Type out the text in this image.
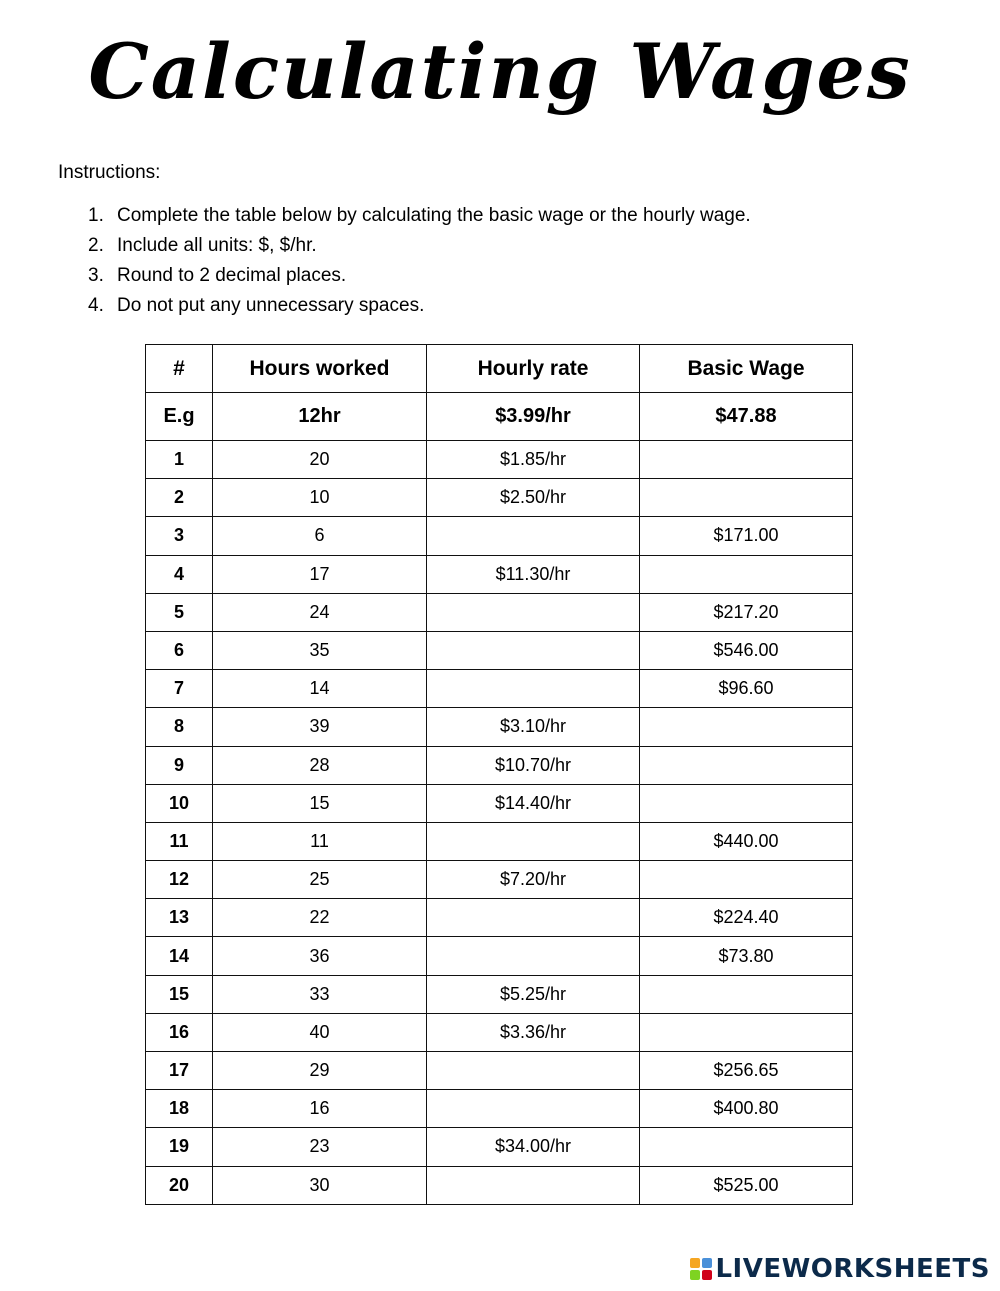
Calculating Wages
Instructions:
1. Complete the table below by calculating the basic wage or the hourly wage.
2. Include all units: $, $/hr.
3. Round to 2 decimal places.
4. Do not put any unnecessary spaces.
#	Hours worked	Hourly rate	Basic Wage
E.g	12hr	$3.99/hr	$47.88
1	20	$1.85/hr	
2	10	$2.50/hr	
3	6		$171.00
4	17	$11.30/hr	
5	24		$217.20
6	35		$546.00
7	14		$96.60
8	39	$3.10/hr	
9	28	$10.70/hr	
10	15	$14.40/hr	
11	11		$440.00
12	25	$7.20/hr	
13	22		$224.40
14	36		$73.80
15	33	$5.25/hr	
16	40	$3.36/hr	
17	29		$256.65
18	16		$400.80
19	23	$34.00/hr	
20	30		$525.00
LIVEWORKSHEETS
